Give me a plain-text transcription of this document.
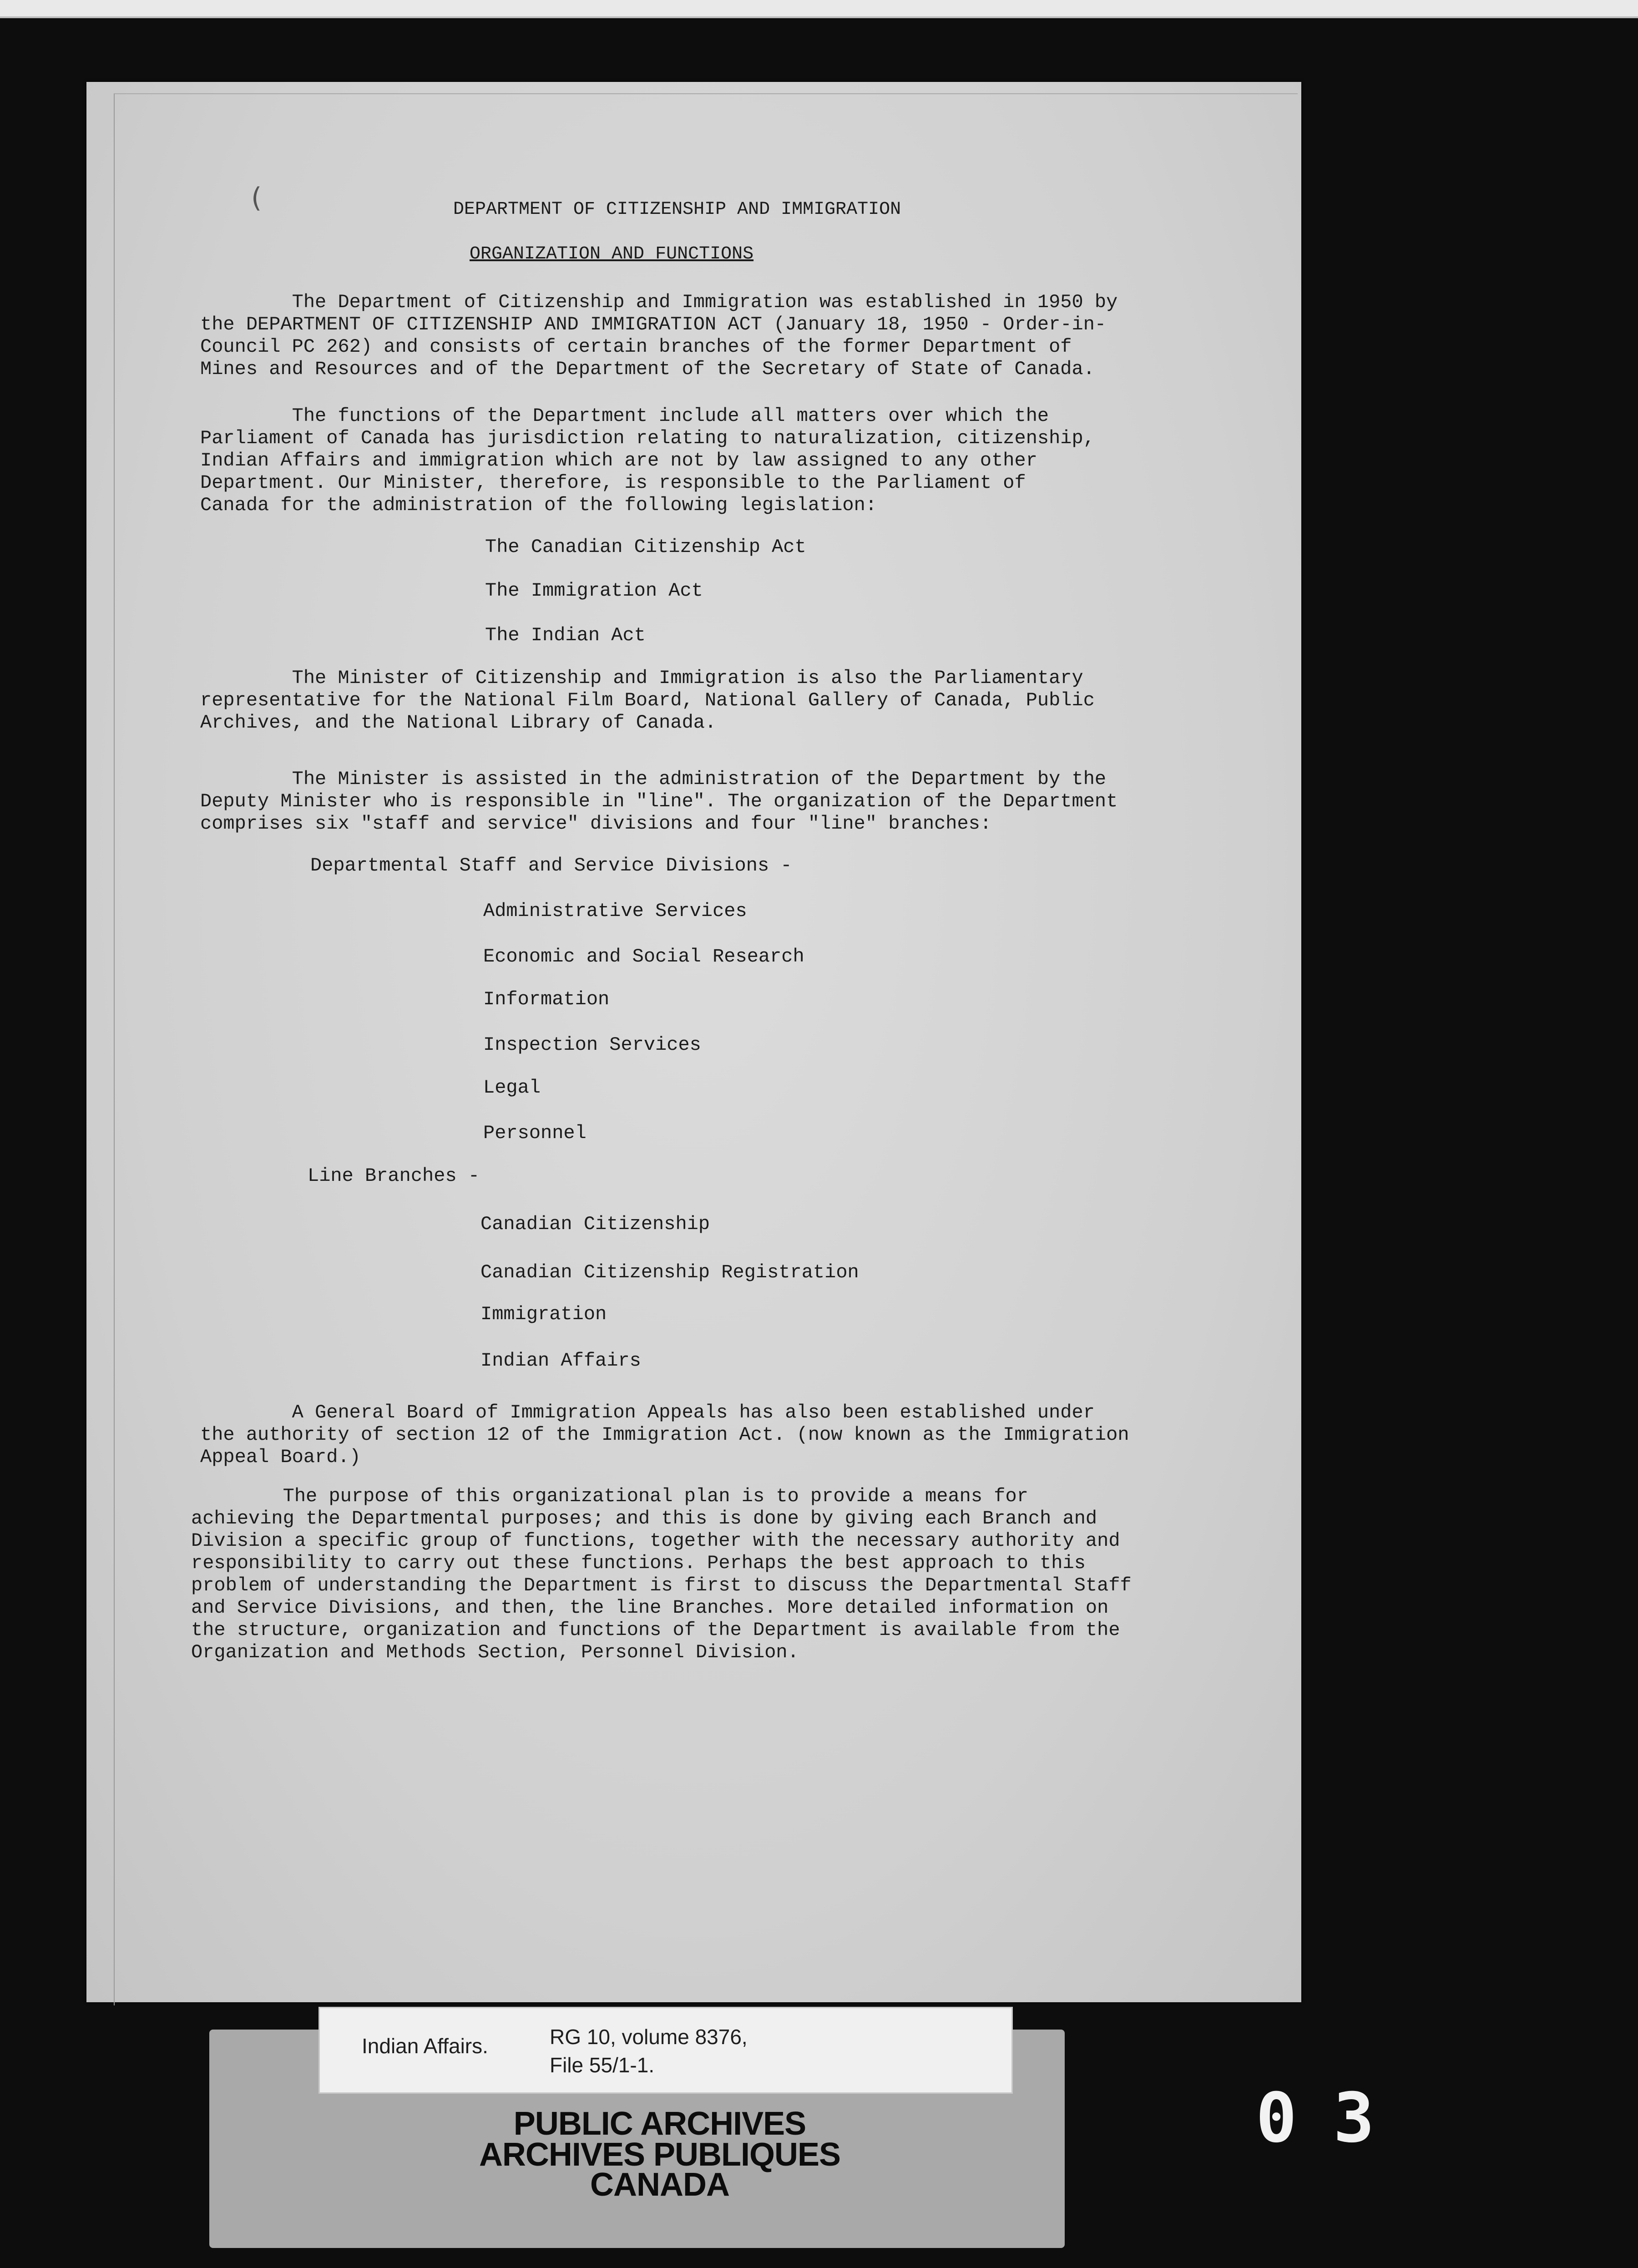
(	DEPARTMENT OF CITIZENSHIP AND IMMIGRATION
ORGANIZATION AND FUNCTIONS
The Department of Citizenship and Immigration was established in 1950 by
the DEPARTMENT OF CITIZENSHIP AND IMMIGRATION ACT (January 18, 1950 - Order-in-
Council PC 262) and consists of certain branches of the former Department of
Mines and Resources and of the Department of the Secretary of State of Canada.
The functions of the Department include all matters over which the
Parliament of Canada has jurisdiction relating to naturalization, citizenship,
Indian Affairs and immigration which are not by law assigned to any other
Department. Our Minister, therefore, is responsible to the Parliament of
Canada for the administration of the following legislation:
The Canadian Citizenship Act
The Immigration Act
The Indian Act
The Minister of Citizenship and Immigration is also the Parliamentary
representative for the National Film Board, National Gallery of Canada, Public
Archives, and the National Library of Canada.
The Minister is assisted in the administration of the Department by the
Deputy Minister who is responsible in "line". The organization of the Department
comprises six "staff and service" divisions and four "line" branches:
Departmental Staff and Service Divisions -
Administrative Services
Economic and Social Research
Information
Inspection Services
Legal
Personnel
Line Branches -
Canadian Citizenship
Canadian Citizenship Registration
Immigration
Indian Affairs
A General Board of Immigration Appeals has also been established under
the authority of section 12 of the Immigration Act. (now known as the Immigration
Appeal Board.)
The purpose of this organizational plan is to provide a means for
achieving the Departmental purposes; and this is done by giving each Branch and
Division a specific group of functions, together with the necessary authority and
responsibility to carry out these functions. Perhaps the best approach to this
problem of understanding the Department is first to discuss the Departmental Staff
and Service Divisions, and then, the line Branches. More detailed information on
the structure, organization and functions of the Department is available from the
Organization and Methods Section, Personnel Division.
Indian Affairs.	RG 10, volume 8376,
File 55/1-1.
PUBLIC ARCHIVES
ARCHIVES PUBLIQUES
CANADA
0 3
